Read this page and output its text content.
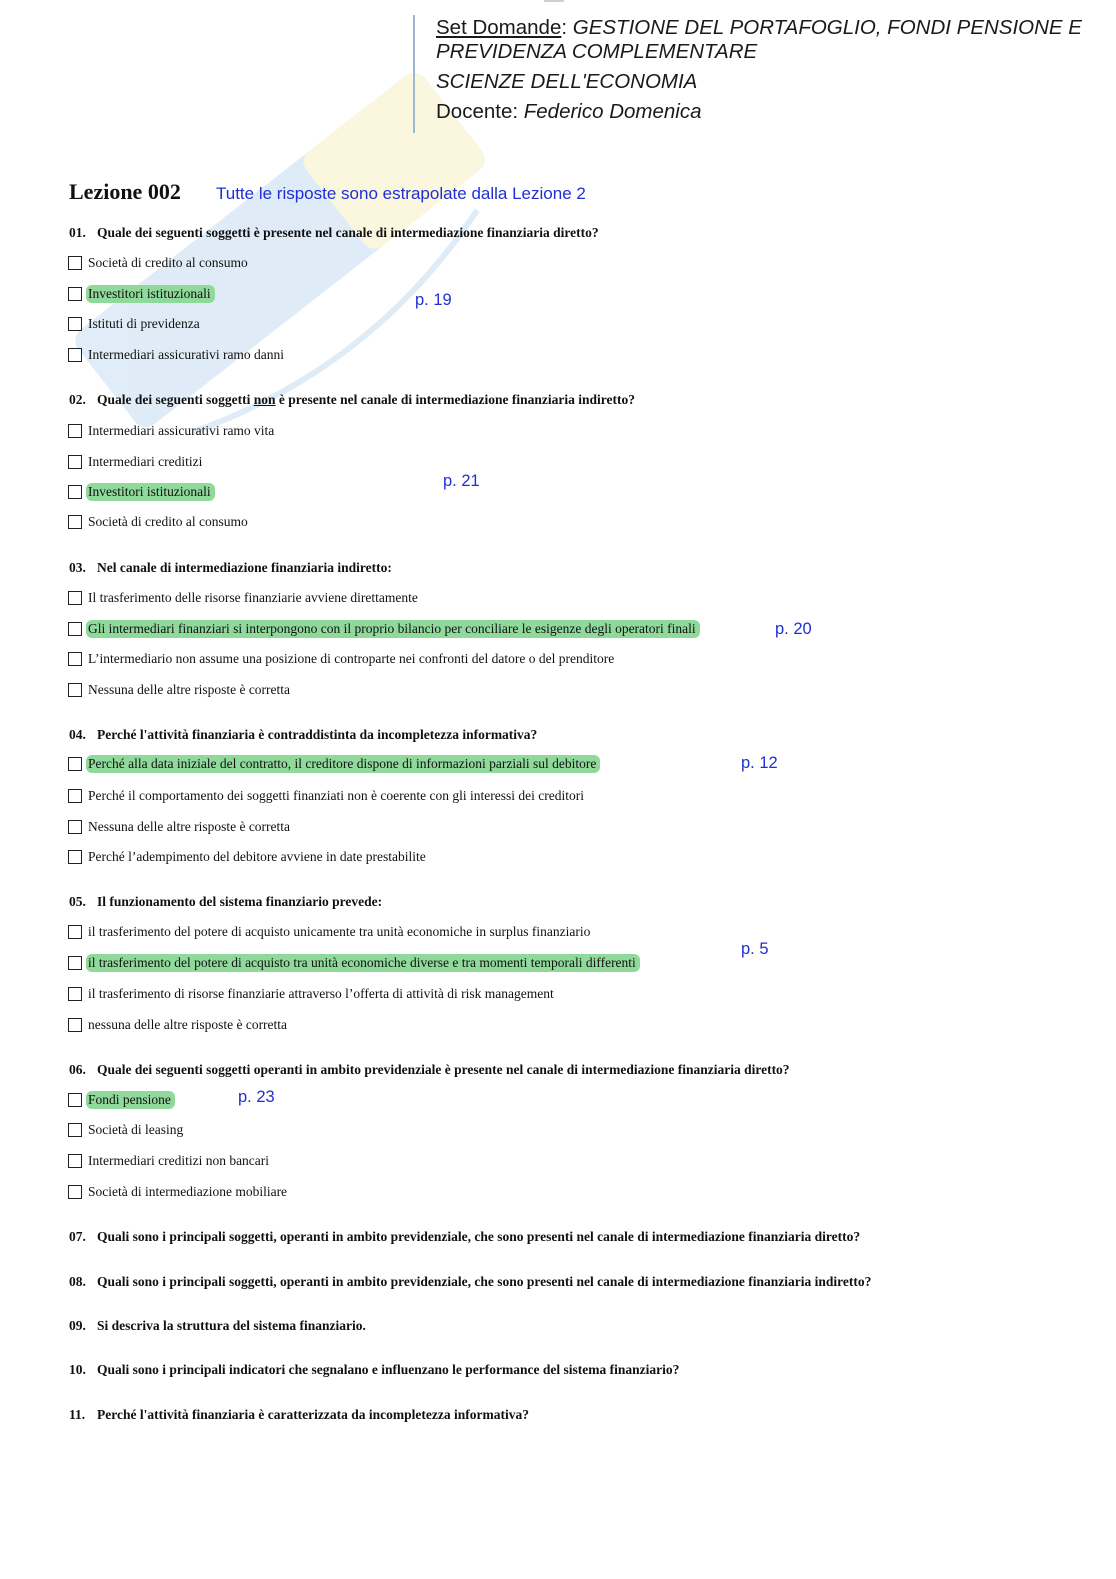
Set Domande: GESTIONE DEL PORTAFOGLIO, FONDI PENSIONE E
PREVIDENZA COMPLEMENTARE
SCIENZE DELL'ECONOMIA
Docente: Federico Domenica
Lezione 002 Tutte le risposte sono estrapolate dalla Lezione 2
01. Quale dei seguenti soggetti è presente nel canale di intermediazione finanziaria diretto?
Società di credito al consumo
Investitori istituzionali
Istituti di previdenza
Intermediari assicurativi ramo danni
p. 19
02. Quale dei seguenti soggetti non è presente nel canale di intermediazione finanziaria indiretto?
Intermediari assicurativi ramo vita
Intermediari creditizi
Investitori istituzionali
Società di credito al consumo
p. 21
03. Nel canale di intermediazione finanziaria indiretto:
Il trasferimento delle risorse finanziarie avviene direttamente
Gli intermediari finanziari si interpongono con il proprio bilancio per conciliare le esigenze degli operatori finali
L’intermediario non assume una posizione di controparte nei confronti del datore o del prenditore
Nessuna delle altre risposte è corretta
p. 20
04. Perché l'attività finanziaria è contraddistinta da incompletezza informativa?
Perché alla data iniziale del contratto, il creditore dispone di informazioni parziali sul debitore
Perché il comportamento dei soggetti finanziati non è coerente con gli interessi dei creditori
Nessuna delle altre risposte è corretta
Perché l’adempimento del debitore avviene in date prestabilite
p. 12
05. Il funzionamento del sistema finanziario prevede:
il trasferimento del potere di acquisto unicamente tra unità economiche in surplus finanziario
il trasferimento del potere di acquisto tra unità economiche diverse e tra momenti temporali differenti
il trasferimento di risorse finanziarie attraverso l’offerta di attività di risk management
nessuna delle altre risposte è corretta
p. 5
06. Quale dei seguenti soggetti operanti in ambito previdenziale è presente nel canale di intermediazione finanziaria diretto?
Fondi pensione
Società di leasing
Intermediari creditizi non bancari
Società di intermediazione mobiliare
p. 23
07. Quali sono i principali soggetti, operanti in ambito previdenziale, che sono presenti nel canale di intermediazione finanziaria diretto?
08. Quali sono i principali soggetti, operanti in ambito previdenziale, che sono presenti nel canale di intermediazione finanziaria indiretto?
09. Si descriva la struttura del sistema finanziario.
10. Quali sono i principali indicatori che segnalano e influenzano le performance del sistema finanziario?
11. Perché l'attività finanziaria è caratterizzata da incompletezza informativa?
